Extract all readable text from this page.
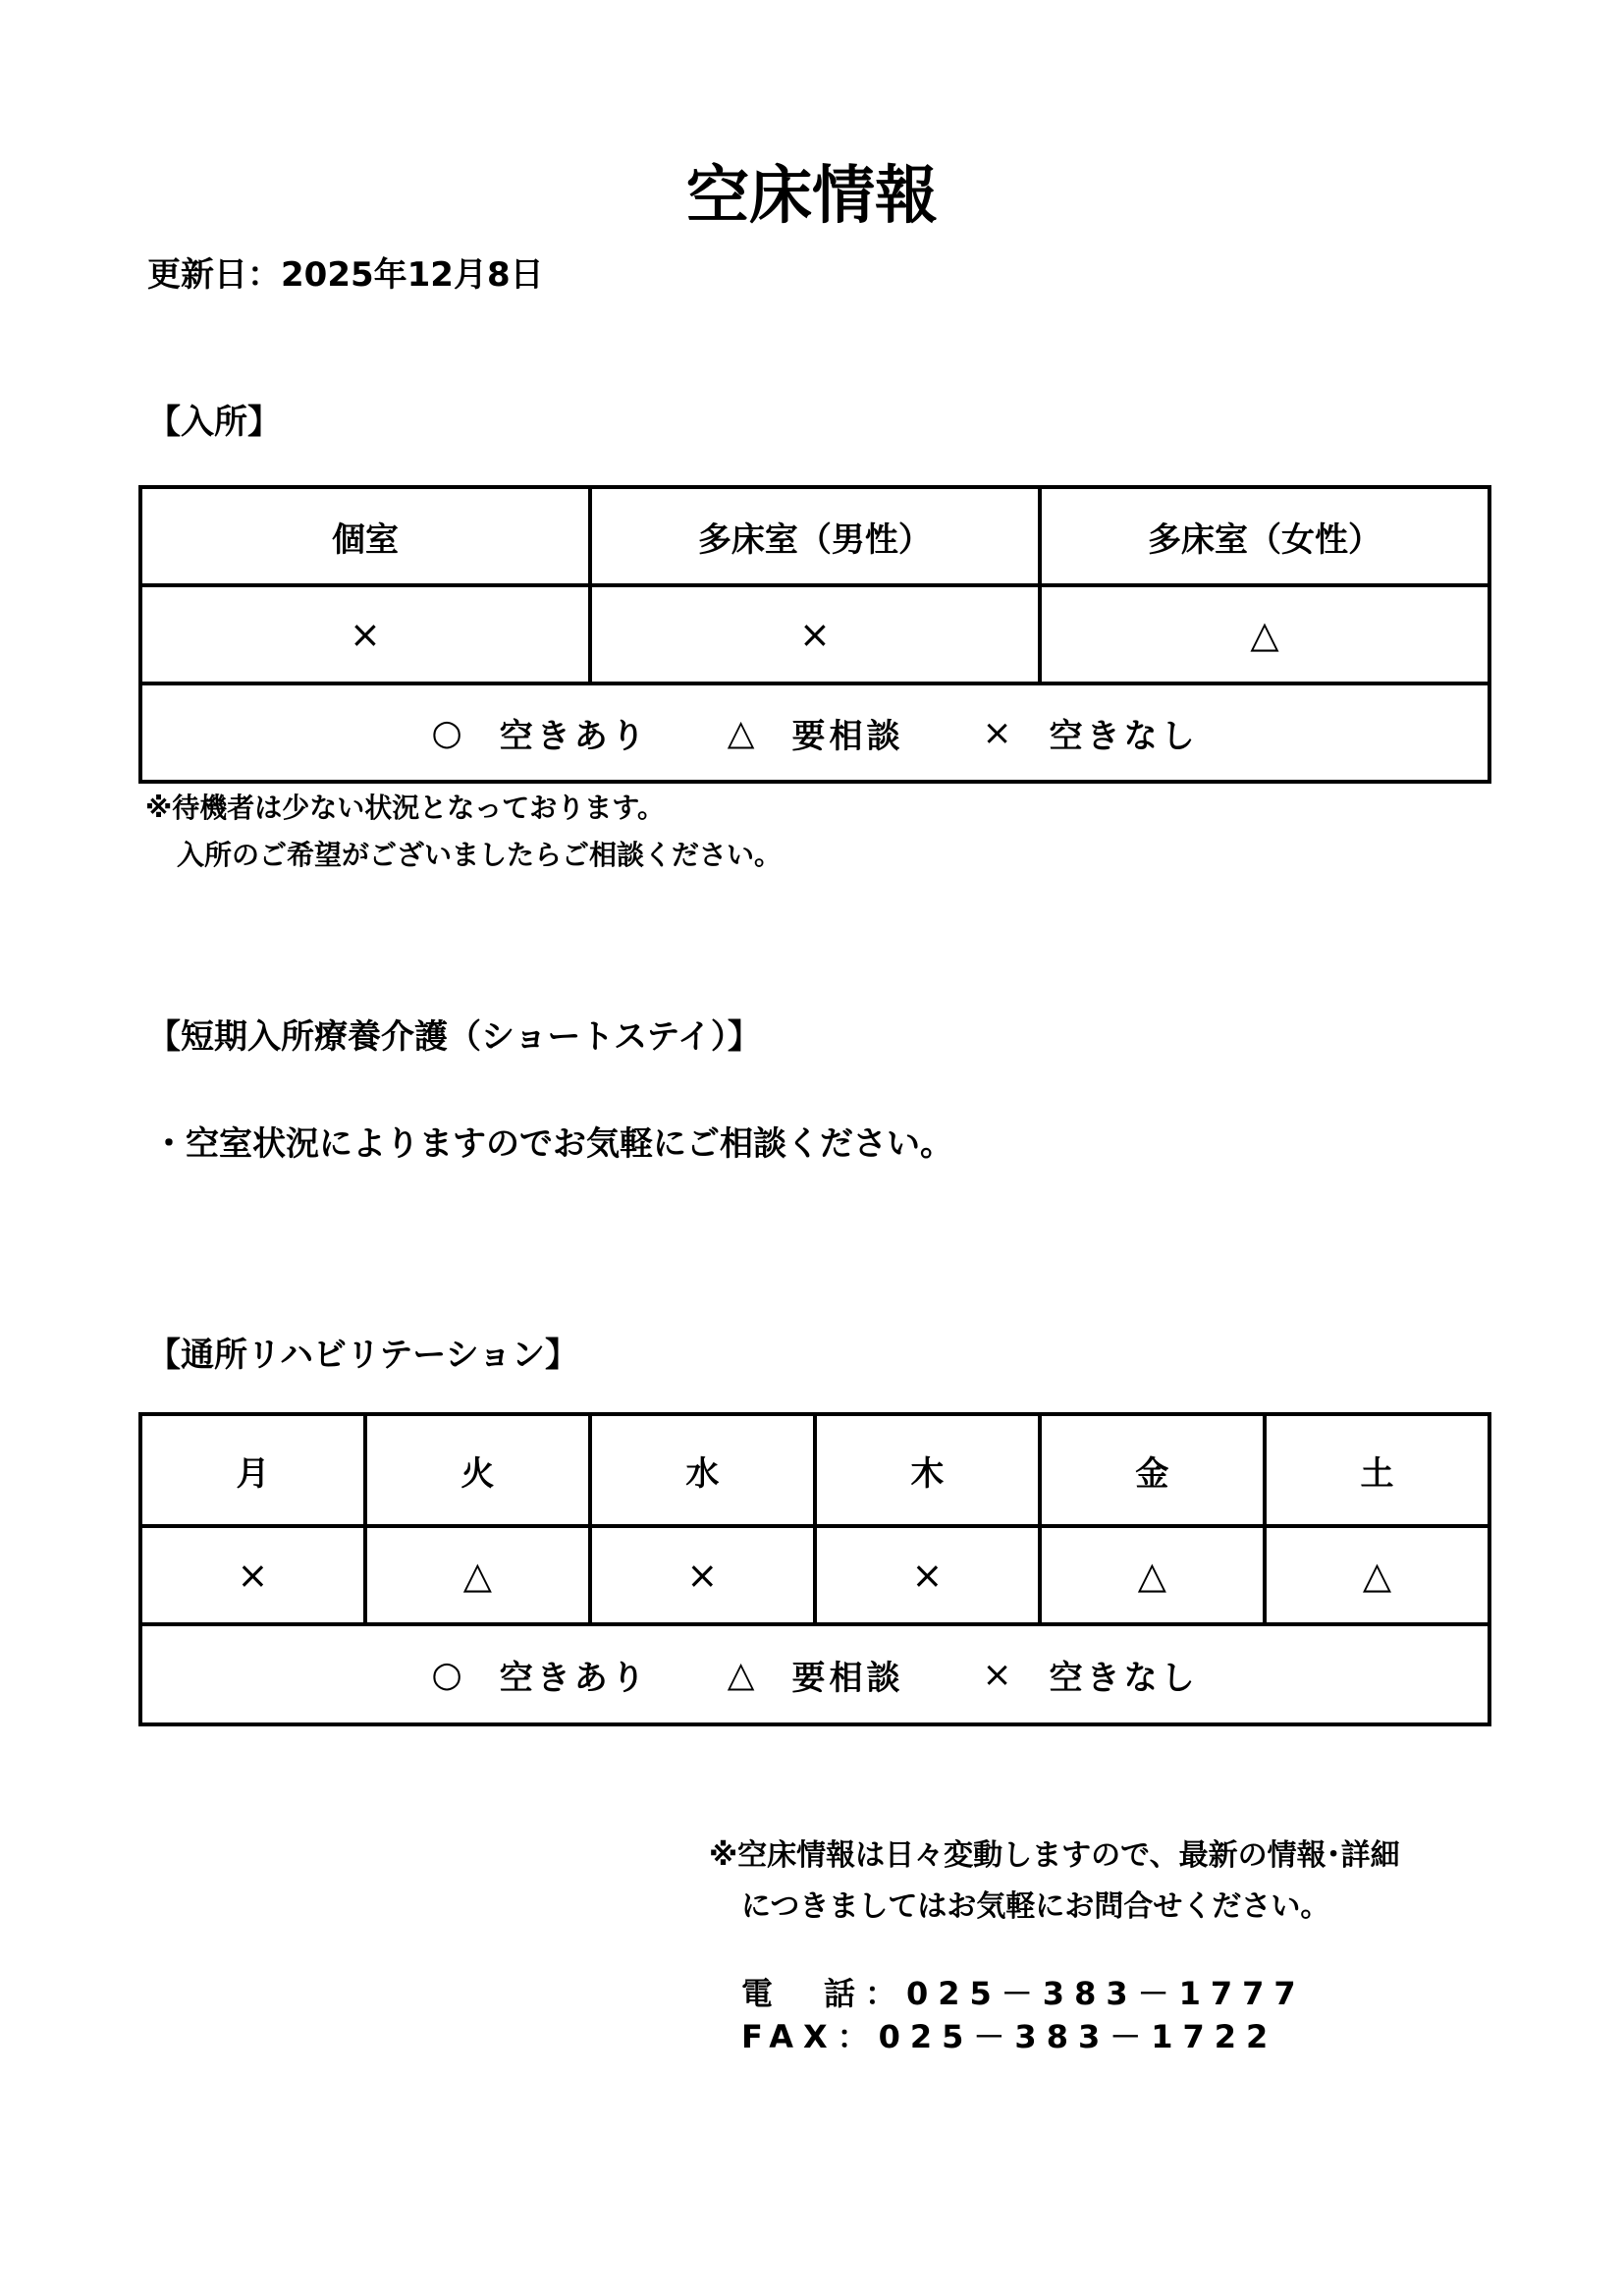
空床情報
更新日：2025年12月8日
【入所】
個室	多床室（男性）	多床室（女性）
×	×	△
○ 空きあり △ 要相談 × 空きなし		
※待機者は少ない状況となっております。
入所のご希望がございましたらご相談ください。
【短期入所療養介護（ショートステイ）】
・空室状況によりますのでお気軽にご相談ください。
【通所リハビリテーション】
月	火	水	木	金	土
×	△	×	×	△	△
○ 空きあり △ 要相談 × 空きなし					
※空床情報は日々変動しますので、最新の情報･詳細
につきましてはお気軽にお問合せください。
電　話：025－383－1777
FAX：025－383－1722
